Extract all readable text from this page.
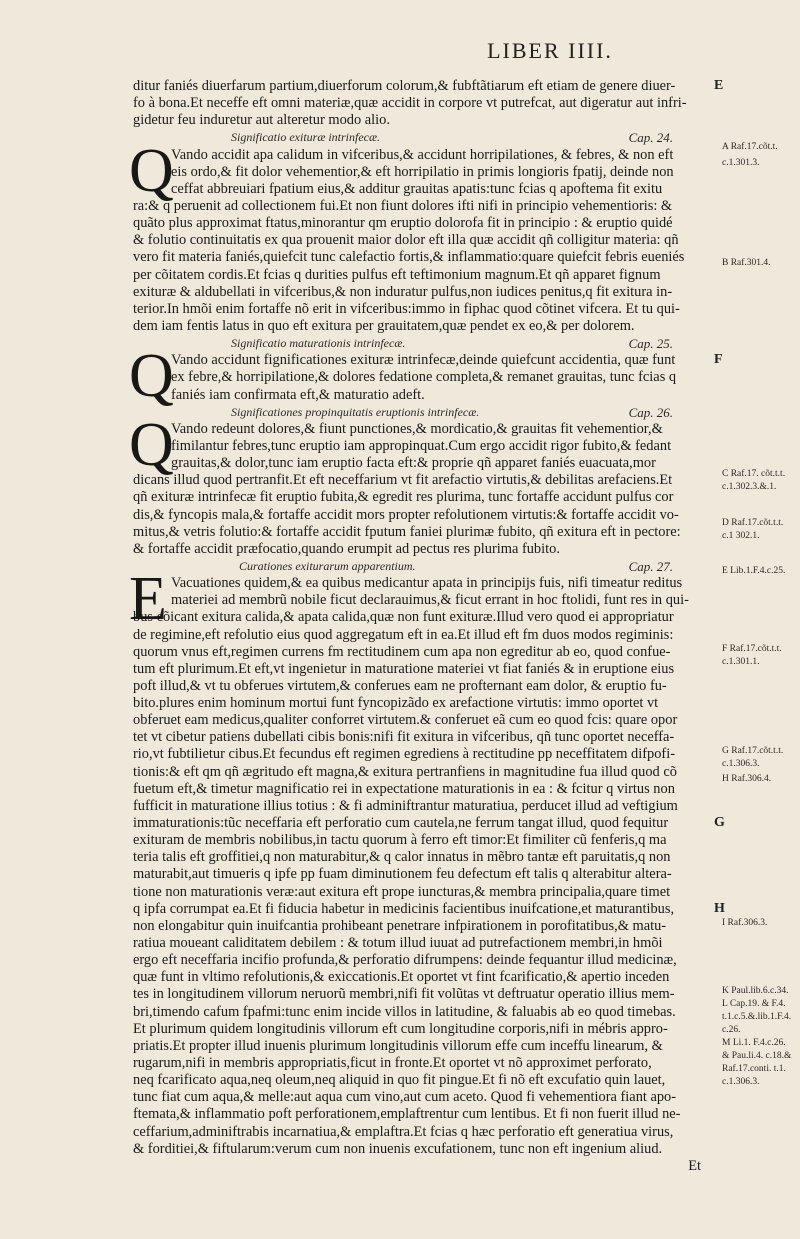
LIBER IIII.
ditur faniés diuerfarum partium,diuerforum colorum,& fubftãtiarum eft etiam de genere diuer-
fo à bona.Et neceffe eft omni materiæ,quæ accidit in corpore vt putrefcat, aut digeratur aut infri-
gidetur feu induretur aut alteretur modo alio.
Significatio exituræ intrinfecæ.	Cap. 24.
Vando accidit apa calidum in vifceribus,& accidunt horripilationes, & febres, & non eft
Q
eis ordo,& fit dolor vehementior,& eft horripilatio in primis longioris fpatij, deinde non
ceffat abbreuiari fpatium eius,& additur grauitas apatis:tunc fcias q apoftema fit exitu
ra:& q peruenit ad collectionem fui.Et non fiunt dolores ifti nifi in principio vehementioris: &
quãto plus approximat ftatus,minorantur qm eruptio dolorofa fit in principio : & eruptio quidé
& folutio continuitatis ex qua prouenit maior dolor eft illa quæ accidit qñ colligitur materia: qñ
vero fit materia faniés,quiefcit tunc calefactio fortis,& inflammatio:quare quiefcit febris eueniés
per cõitatem cordis.Et fcias q durities pulfus eft teftimonium magnum.Et qñ apparet fignum
exituræ & aldubellati in vifceribus,& non induratur pulfus,non iudices penitus,q fit exitura in-
terior.In hmõi enim fortaffe nõ erit in vifceribus:immo in fiphac quod cõtinet vifcera. Et tu qui-
dem iam fentis latus in quo eft exitura per grauitatem,quæ pendet ex eo,& per dolorem.
Significatio maturationis intrinfecæ.	Cap. 25.
Vando accidunt fignificationes exituræ intrinfecæ,deinde quiefcunt accidentia, quæ funt
Q
ex febre,& horripilatione,& dolores fedatione completa,& remanet grauitas, tunc fcias q
faniés iam confirmata eft,& maturatio adeft.
Significationes propinquitatis eruptionis intrinfecæ.	Cap. 26.
Vando redeunt dolores,& fiunt punctiones,& mordicatio,& grauitas fit vehementior,&
Q
fimilantur febres,tunc eruptio iam appropinquat.Cum ergo accidit rigor fubito,& fedant
grauitas,& dolor,tunc iam eruptio facta eft:& proprie qñ apparet faniés euacuata,mor
dicans illud quod pertranfit.Et eft neceffarium vt fit arefactio virtutis,& debilitas arefaciens.Et
qñ exituræ intrinfecæ fit eruptio fubita,& egredit res plurima, tunc fortaffe accidunt pulfus cor
dis,& fyncopis mala,& fortaffe accidit mors propter refolutionem virtutis:& fortaffe accidit vo-
mitus,& vetris folutio:& fortaffe accidit fputum faniei plurimæ fubito, qñ exitura eft in pectore:
& fortaffe accidit præfocatio,quando erumpit ad pectus res plurima fubito.
Curationes exiturarum apparentium.	Cap. 27.
Vacuationes quidem,& ea quibus medicantur apata in principijs fuis, nifi timeatur reditus
E materiei ad membrũ nobile ficut declarauimus,& ficut errant in hoc ftolidi, funt res in qui-
bus cõicant exitura calida,& apata calida,quæ non funt exituræ.Illud vero quod ei appropriatur
de regimine,eft refolutio eius quod aggregatum eft in ea.Et illud eft fm duos modos regiminis:
quorum vnus eft,regimen currens fm rectitudinem cum apa non egreditur ab eo, quod confue-
tum eft plurimum.Et eft,vt ingenietur in maturatione materiei vt fiat faniés & in eruptione eius
poft illud,& vt tu obferues virtutem,& conferues eam ne profternant eam dolor, & eruptio fu-
bito.plures enim hominum mortui funt fyncopizãdo ex arefactione virtutis: immo oportet vt
obferuet eam medicus,qualiter conforret virtutem.& conferuet eã cum eo quod fcis: quare opor
tet vt cibetur patiens dubellati cibis bonis:nifi fit exitura in vifceribus, qñ tunc oportet neceffa-
rio,vt fubtilietur cibus.Et fecundus eft regimen egrediens à rectitudine pp neceffitatem difpofi-
tionis:& eft qm qñ ægritudo eft magna,& exitura pertranfiens in magnitudine fua illud quod cõ
fuetum eft,& timetur magnificatio rei in expectatione maturationis in ea : & fcitur q virtus non
fufficit in maturatione illius totius : & fi adminiftrantur maturatiua, perducet illud ad veftigium
immaturationis:tũc neceffaria eft perforatio cum cautela,ne ferrum tangat illud, quod fequitur
exituram de membris nobilibus,in tactu quorum à ferro eft timor:Et fimiliter cũ fenferis,q ma
teria talis eft groffitiei,q non maturabitur,& q calor innatus in mẽbro tantæ eft paruitatis,q non
maturabit,aut timueris q ipfe pp fuam diminutionem feu defectum eft talis q alterabitur altera-
tione non maturationis veræ:aut exitura eft prope iuncturas,& membra principalia,quare timet
q ipfa corrumpat ea.Et fi fiducia habetur in medicinis facientibus inuifcatione,et maturantibus,
non elongabitur quin inuifcantia prohibeant penetrare infpirationem in porofitatibus,& matu-
ratiua moueant caliditatem debilem : & totum illud iuuat ad putrefactionem membri,in hmõi
ergo eft neceffaria incifio profunda,& perforatio difrumpens: deinde fequantur illud medicinæ,
quæ funt in vltimo refolutionis,& exiccationis.Et oportet vt fint fcarificatio,& apertio inceden
tes in longitudinem villorum neruorũ membri,nifi fit volũtas vt deftruatur operatio illius mem-
bri,timendo cafum fpafmi:tunc enim incide villos in latitudine, & faluabis ab eo quod timebas.
Et plurimum quidem longitudinis villorum eft cum longitudine corporis,nifi in mébris appro-
priatis.Et propter illud inuenis plurimum longitudinis villorum effe cum inceffu linearum, &
rugarum,nifi in membris appropriatis,ficut in fronte.Et oportet vt nõ approximet perforato,
neq fcarificato aqua,neq oleum,neq aliquid in quo fit pingue.Et fi nõ eft excufatio quin lauet,
tunc fiat cum aqua,& melle:aut aqua cum vino,aut cum aceto. Quod fi vehementiora fiant apo-
ftemata,& inflammatio poft perforationem,emplaftrentur cum lentibus. Et fi non fuerit illud ne-
ceffarium,adminiftrabis incarnatiua,& emplaftra.Et fcias q hæc perforatio eft generatiua virus,
& forditiei,& fiftularum:verum cum non inuenis excufationem, tunc non eft ingenium aliud.
Et
E
F
G
H
A Raf.17.cõt.t.
c.1.301.3.
B Raf.301.4.
C Raf.17. cõt.t.t.
c.1.302.3.&.1.
D Raf.17.cõt.t.t.
c.1 302.1.
E Lib.1.F.4.c.25.
F Raf.17.cõt.t.t.
c.1.301.1.
G Raf.17.cõt.t.t.
c.1.306.3.
H Raf.306.4.
I Raf.306.3.
K Paul.lib.6.c.34.
L Cap.19. & F.4.
t.1.c.5.&.lib.1.F.4.
c.26.
M Li.1. F.4.c.26.
& Pau.li.4. c.18.&
Raf.17.conti. t.1.
c.1.306.3.
